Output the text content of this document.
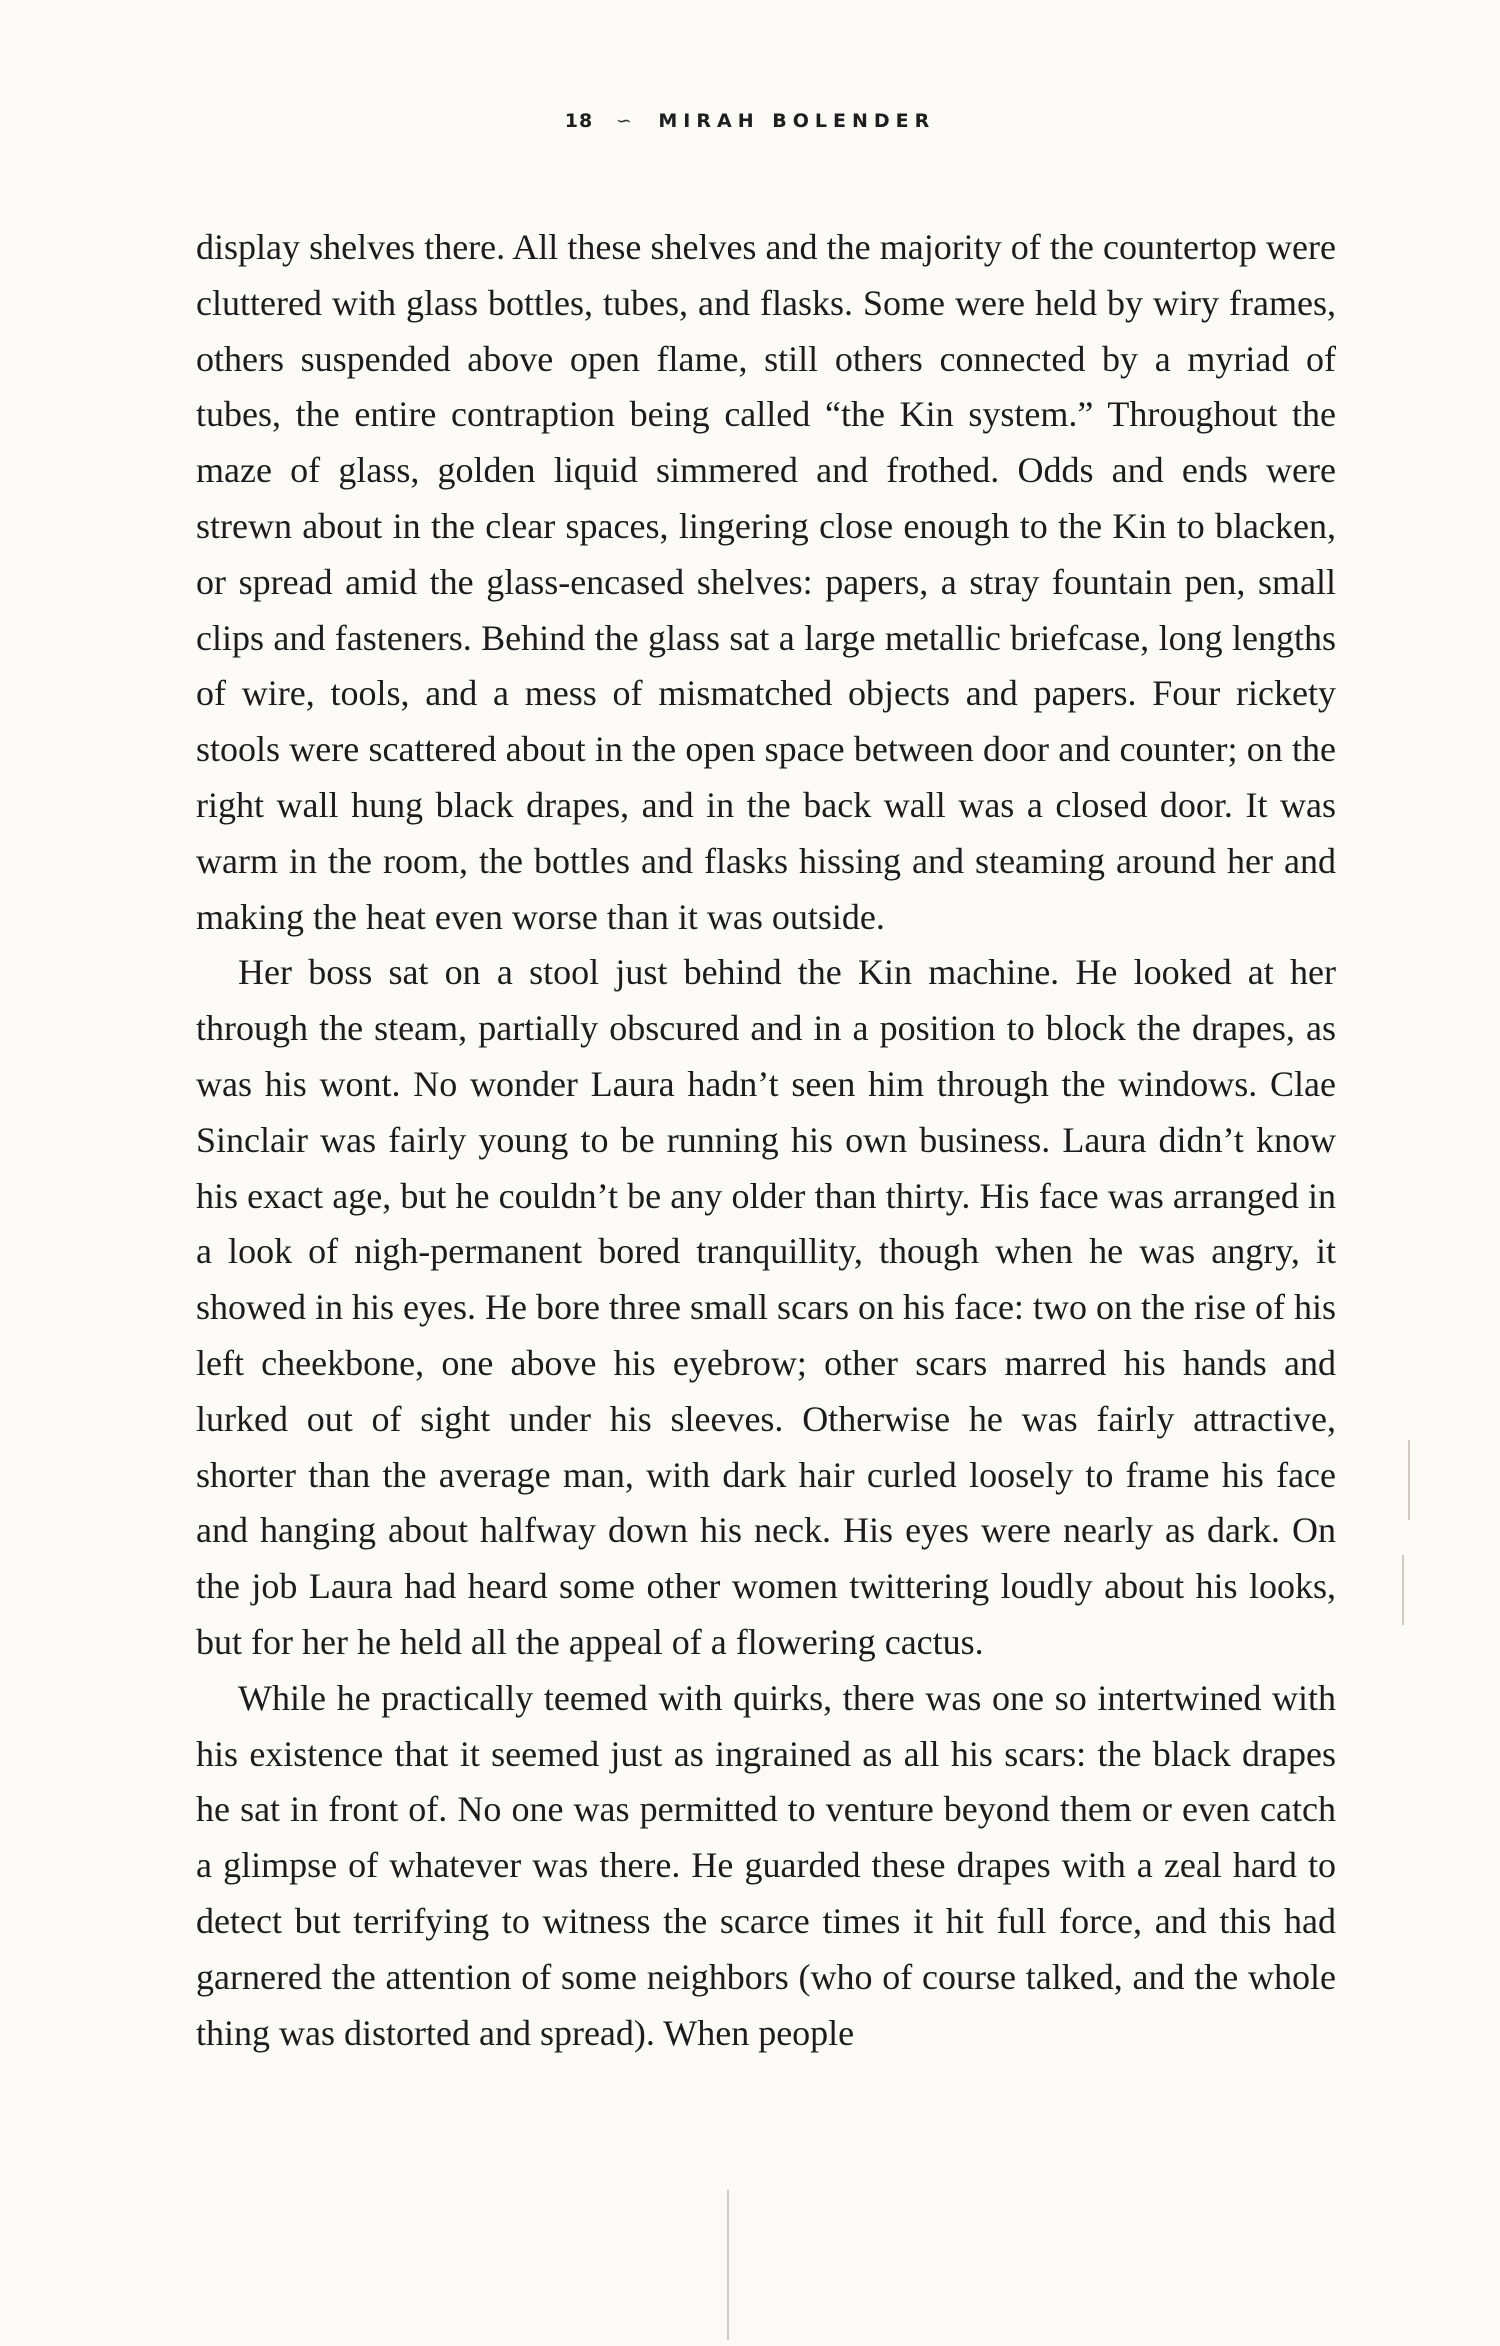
18 ∽ MIRAH BOLENDER

display shelves there. All these shelves and the majority of the countertop were cluttered with glass bottles, tubes, and flasks. Some were held by wiry frames, others suspended above open flame, still others connected by a myriad of tubes, the entire contraption being called “the Kin system.” Throughout the maze of glass, golden liquid simmered and frothed. Odds and ends were strewn about in the clear spaces, lingering close enough to the Kin to blacken, or spread amid the glass-encased shelves: papers, a stray fountain pen, small clips and fasteners. Behind the glass sat a large metallic briefcase, long lengths of wire, tools, and a mess of mismatched objects and papers. Four rickety stools were scattered about in the open space between door and counter; on the right wall hung black drapes, and in the back wall was a closed door. It was warm in the room, the bottles and flasks hissing and steaming around her and making the heat even worse than it was outside.

Her boss sat on a stool just behind the Kin machine. He looked at her through the steam, partially obscured and in a position to block the drapes, as was his wont. No wonder Laura hadn’t seen him through the windows. Clae Sinclair was fairly young to be running his own business. Laura didn’t know his exact age, but he couldn’t be any older than thirty. His face was arranged in a look of nigh-permanent bored tranquillity, though when he was angry, it showed in his eyes. He bore three small scars on his face: two on the rise of his left cheekbone, one above his eyebrow; other scars marred his hands and lurked out of sight under his sleeves. Otherwise he was fairly attractive, shorter than the average man, with dark hair curled loosely to frame his face and hanging about halfway down his neck. His eyes were nearly as dark. On the job Laura had heard some other women twittering loudly about his looks, but for her he held all the appeal of a flowering cactus.

While he practically teemed with quirks, there was one so intertwined with his existence that it seemed just as ingrained as all his scars: the black drapes he sat in front of. No one was permitted to venture beyond them or even catch a glimpse of whatever was there. He guarded these drapes with a zeal hard to detect but terrifying to witness the scarce times it hit full force, and this had garnered the attention of some neighbors (who of course talked, and the whole thing was distorted and spread). When people
